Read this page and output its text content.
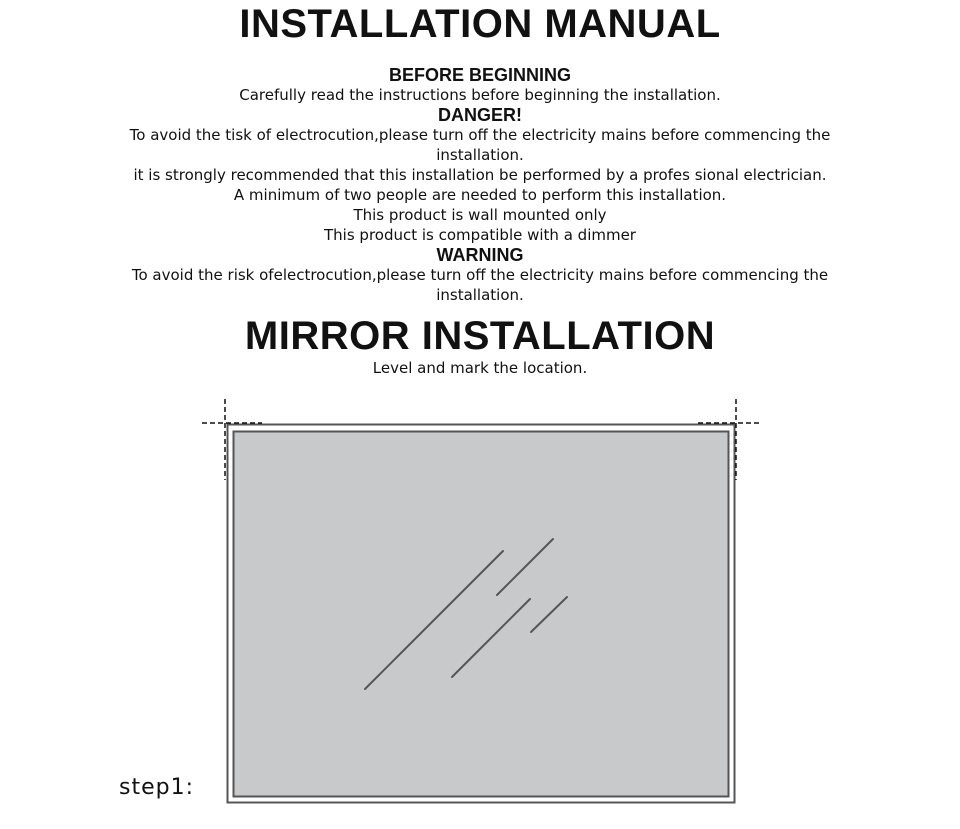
INSTALLATION MANUAL
BEFORE BEGINNING
Carefully read the instructions before beginning the installation.
DANGER!
To avoid the tisk of electrocution,please turn off the electricity mains before commencing the
installation.
it is strongly recommended that this installation be performed by a profes sional electrician.
A minimum of two people are needed to perform this installation.
This product is wall mounted only
This product is compatible with a dimmer
WARNING
To avoid the risk ofelectrocution,please turn off the electricity mains before commencing the
installation.
MIRROR INSTALLATION
Level and mark the location.
step1:
